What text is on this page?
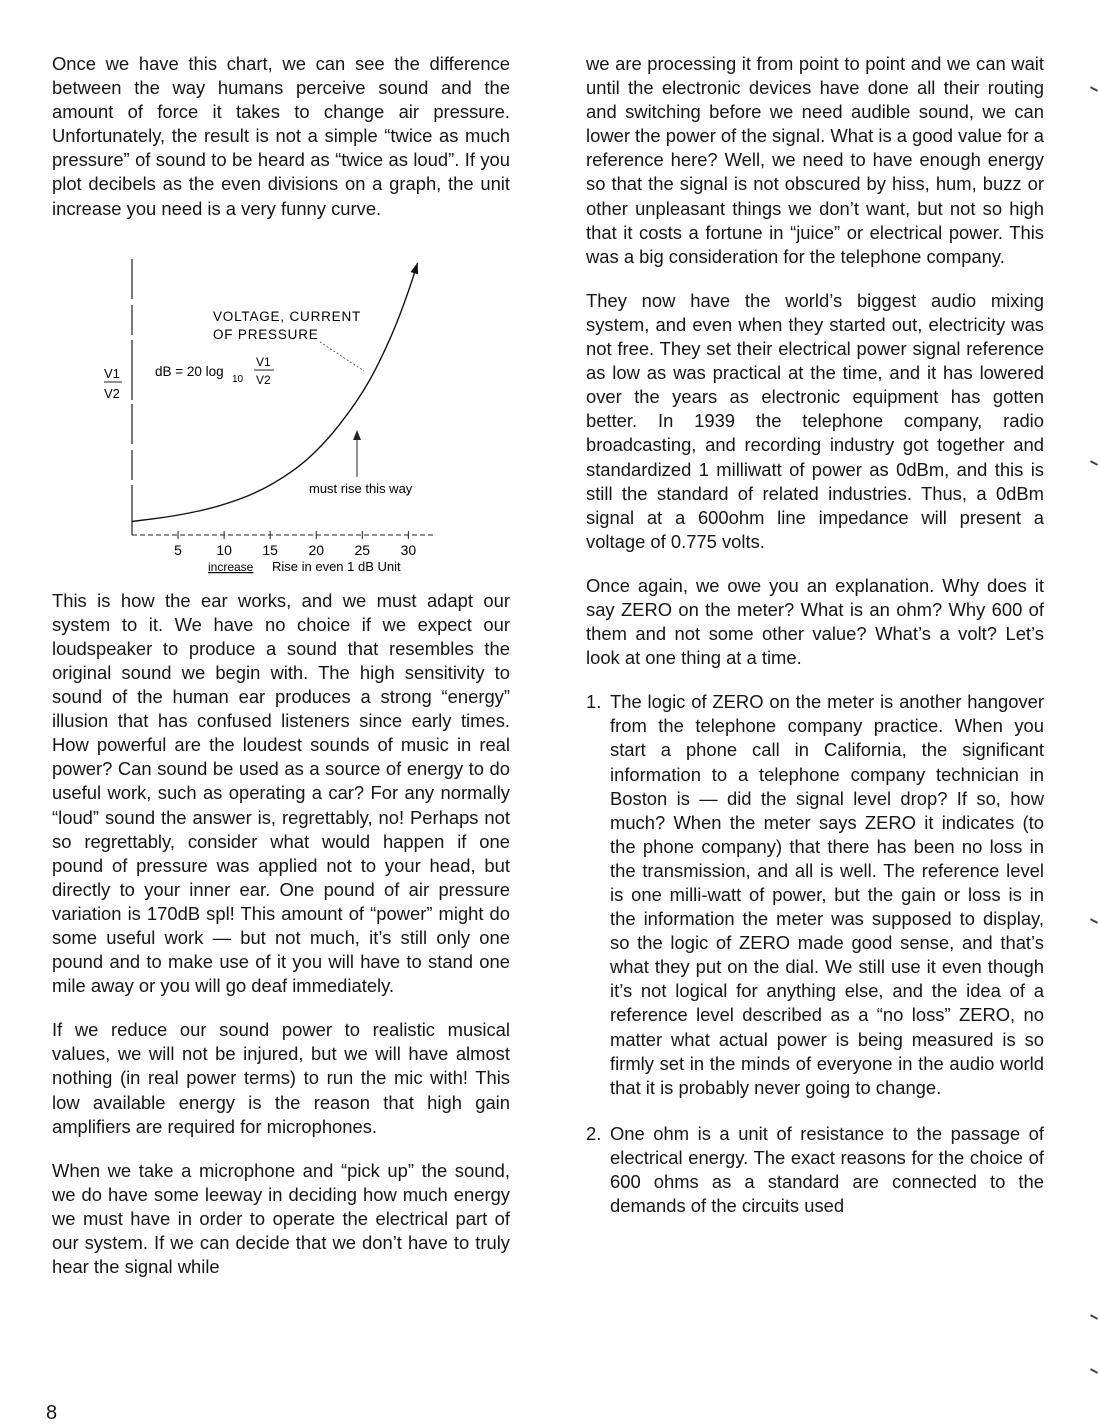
Once we have this chart, we can see the difference between the way humans perceive sound and the amount of force it takes to change air pressure. Unfortunately, the result is not a simple “twice as much pressure” of sound to be heard as “twice as loud”. If you plot decibels as the even divisions on a graph, the unit increase you need is a very funny curve.

V1
V2
VOLTAGE, CURRENT
OF PRESSURE
dB = 20 log
10
V1
V2
must rise this way
5 10 15 20 25 30
increase Rise in even 1 dB Unit

This is how the ear works, and we must adapt our system to it. We have no choice if we expect our loudspeaker to produce a sound that resembles the original sound we begin with. The high sensitivity to sound of the human ear produces a strong “energy” illusion that has confused listeners since early times. How powerful are the loudest sounds of music in real power? Can sound be used as a source of energy to do useful work, such as operating a car? For any normally “loud” sound the answer is, regrettably, no! Perhaps not so regrettably, consider what would happen if one pound of pressure was applied not to your head, but directly to your inner ear. One pound of air pressure variation is 170dB spl! This amount of “power” might do some useful work — but not much, it’s still only one pound and to make use of it you will have to stand one mile away or you will go deaf immediately.

If we reduce our sound power to realistic musical values, we will not be injured, but we will have almost nothing (in real power terms) to run the mic with! This low available energy is the reason that high gain amplifiers are required for microphones.

When we take a microphone and “pick up” the sound, we do have some leeway in deciding how much energy we must have in order to operate the electrical part of our system. If we can decide that we don’t have to truly hear the signal while

we are processing it from point to point and we can wait until the electronic devices have done all their routing and switching before we need audible sound, we can lower the power of the signal. What is a good value for a reference here? Well, we need to have enough energy so that the signal is not obscured by hiss, hum, buzz or other unpleasant things we don’t want, but not so high that it costs a fortune in “juice” or electrical power. This was a big consideration for the telephone company.

They now have the world’s biggest audio mixing system, and even when they started out, electricity was not free. They set their electrical power signal reference as low as was practical at the time, and it has lowered over the years as electronic equipment has gotten better. In 1939 the telephone company, radio broadcasting, and recording industry got together and standardized 1 milliwatt of power as 0dBm, and this is still the standard of related industries. Thus, a 0dBm signal at a 600ohm line impedance will present a voltage of 0.775 volts.

Once again, we owe you an explanation. Why does it say ZERO on the meter? What is an ohm? Why 600 of them and not some other value? What’s a volt? Let’s look at one thing at a time.

1. The logic of ZERO on the meter is another hangover from the telephone company practice. When you start a phone call in California, the significant information to a telephone company technician in Boston is — did the signal level drop? If so, how much? When the meter says ZERO it indicates (to the phone company) that there has been no loss in the transmission, and all is well. The reference level is one milli-watt of power, but the gain or loss is in the information the meter was supposed to display, so the logic of ZERO made good sense, and that’s what they put on the dial. We still use it even though it’s not logical for anything else, and the idea of a reference level described as a “no loss” ZERO, no matter what actual power is being measured is so firmly set in the minds of everyone in the audio world that it is probably never going to change.
2. One ohm is a unit of resistance to the passage of electrical energy. The exact reasons for the choice of 600 ohms as a standard are connected to the demands of the circuits used
8
